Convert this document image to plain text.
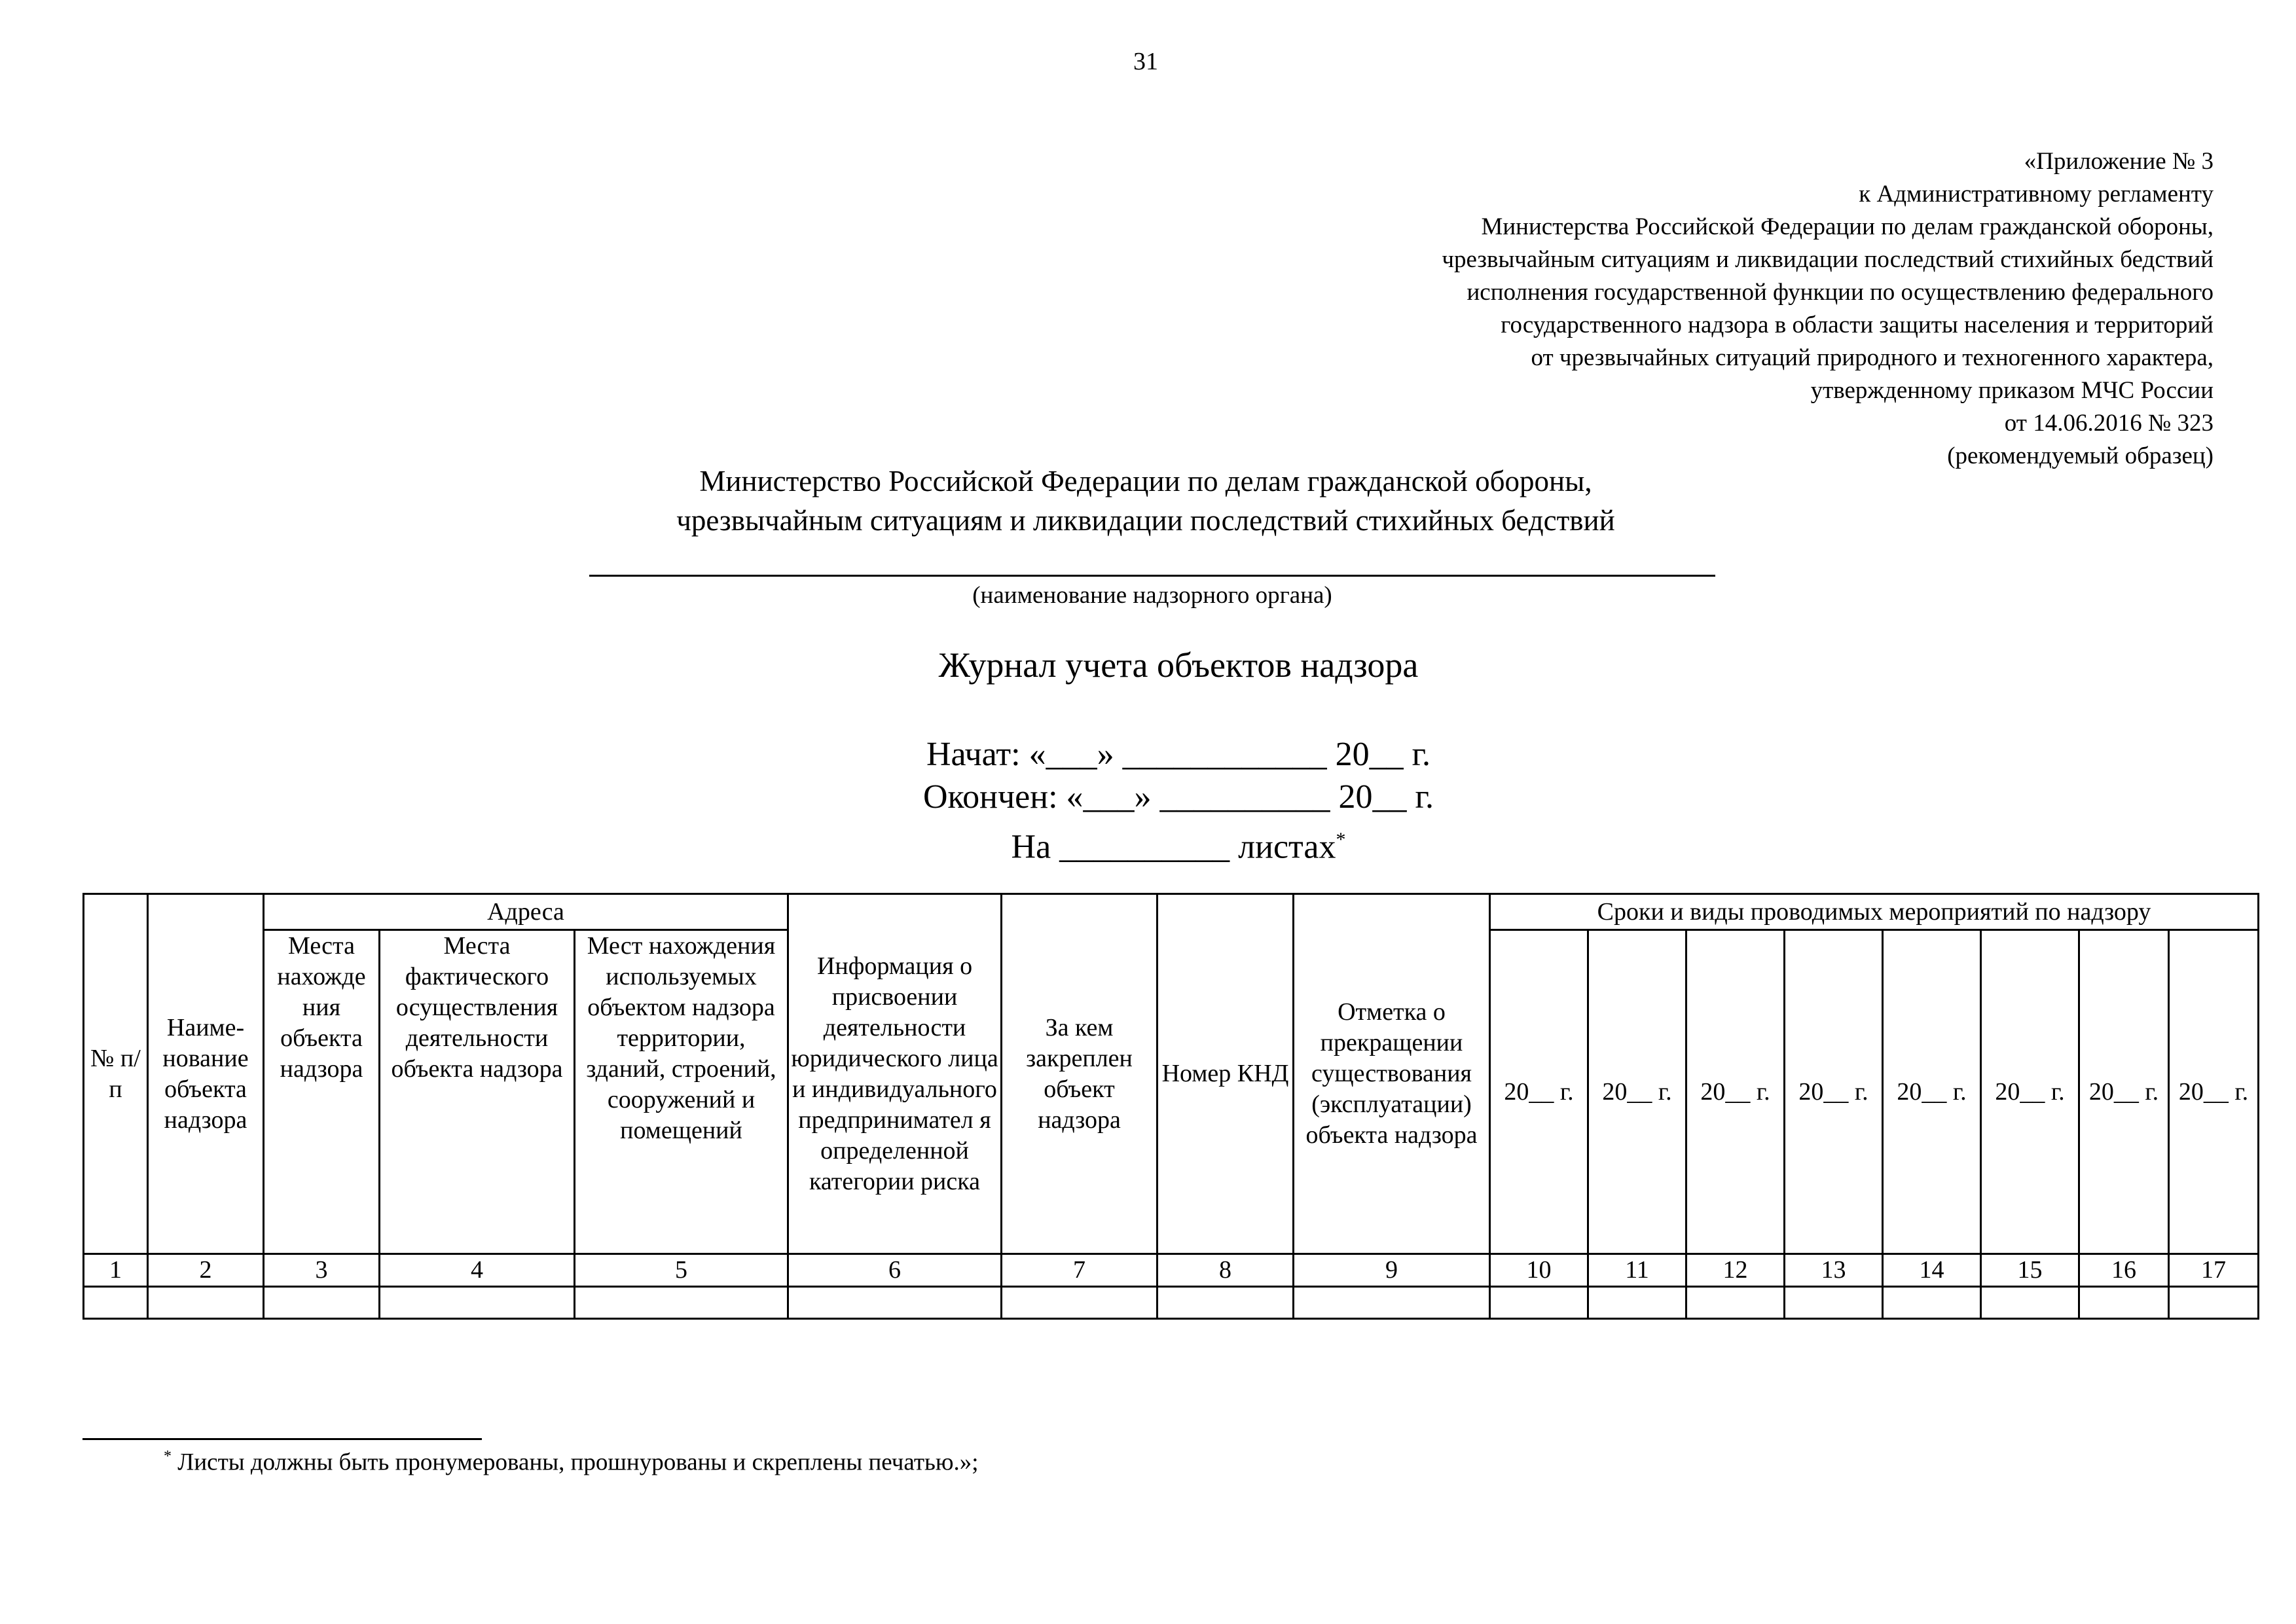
31
«Приложение № 3
к Административному регламенту
Министерства Российской Федерации по делам гражданской обороны,
чрезвычайным ситуациям и ликвидации последствий стихийных бедствий
исполнения государственной функции по осуществлению федерального
государственного надзора в области защиты населения и территорий
от чрезвычайных ситуаций природного и техногенного характера,
утвержденному приказом МЧС России
от 14.06.2016 № 323
(рекомендуемый образец)
Министерство Российской Федерации по делам гражданской обороны,
чрезвычайным ситуациям и ликвидации последствий стихийных бедствий
(наименование надзорного органа)
Журнал учета объектов надзора
Начат: «___» ____________ 20__ г.
Окончен: «___» __________ 20__ г.
На __________ листах*
№ п/п	Наиме-нование объекта надзора	Адреса			Информация о присвоении деятельности юридического лица и индивидуального предпринимател я определенной категории риска	За кем закреплен объект надзора	Номер КНД	Отметка о прекращении существования (эксплуатации) объекта надзора	Сроки и виды проводимых мероприятий по надзору							
		Места нахожде ния объекта надзора	Места фактического осуществления деятельности объекта надзора	Мест нахождения используемых объектом надзора территории, зданий, строений, сооружений и помещений					20__ г.	20__ г.	20__ г.	20__ г.	20__ г.	20__ г.	20__ г.	20__ г.

1	2	3	4	5	6	7	8	9	10	11	12	13	14	15	16	17

* Листы должны быть пронумерованы, прошнурованы и скреплены печатью.»;
